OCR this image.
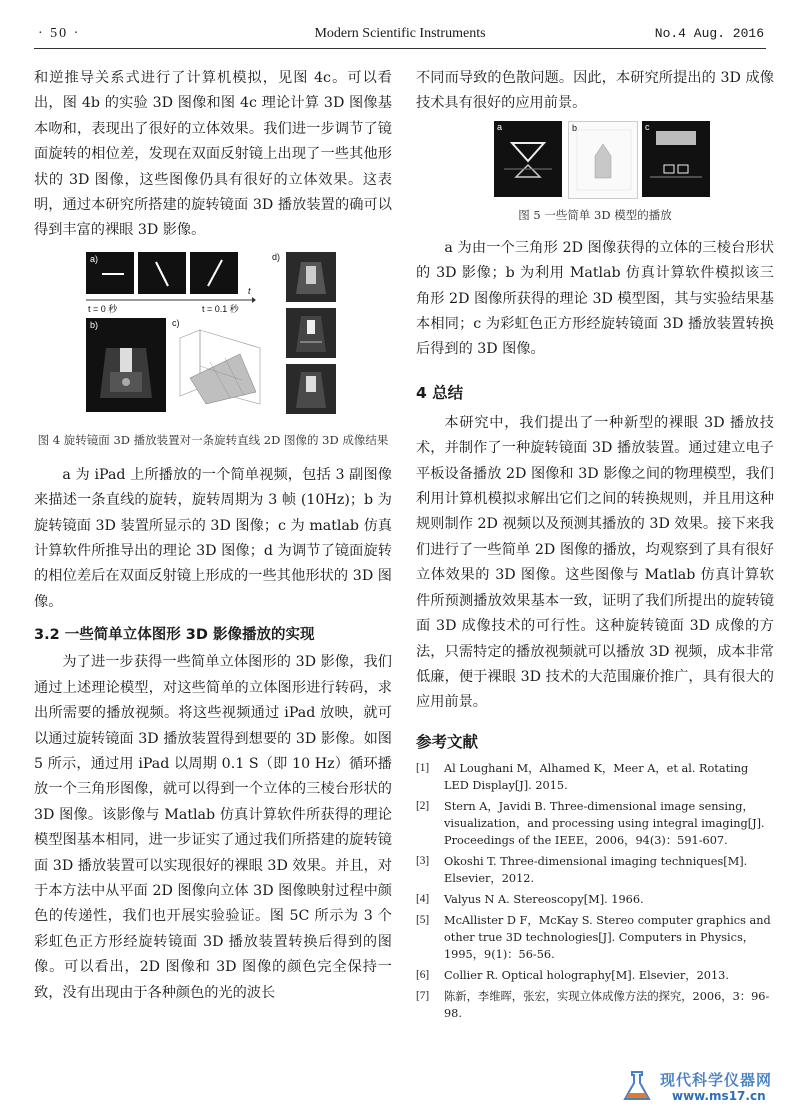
· 50 ·	Modern Scientific Instruments	No.4 Aug. 2016

和逆推导关系式进行了计算机模拟，见图 4c。可以看出，图 4b 的实验 3D 图像和图 4c 理论计算 3D 图像基本吻和，表现出了很好的立体效果。我们进一步调节了镜面旋转的相位差，发现在双面反射镜上出现了一些其他形状的 3D 图像，这些图像仍具有很好的立体效果。这表明，通过本研究所搭建的旋转镜面 3D 播放装置的确可以得到丰富的裸眼 3D 影像。

a)
t
t = 0 秒	t = 0.1 秒
b)	c)
d)
图 4 旋转镜面 3D 播放装置对一条旋转直线 2D 图像的 3D 成像结果

a 为 iPad 上所播放的一个简单视频，包括 3 副图像来描述一条直线的旋转，旋转周期为 3 帧 (10Hz)；b 为旋转镜面 3D 装置所显示的 3D 图像；c 为 matlab 仿真计算软件所推导出的理论 3D 图像；d 为调节了镜面旋转的相位差后在双面反射镜上形成的一些其他形状的 3D 图像。

3.2 一些简单立体图形 3D 影像播放的实现

为了进一步获得一些简单立体图形的 3D 影像，我们通过上述理论模型，对这些简单的立体图形进行转码，求出所需要的播放视频。将这些视频通过 iPad 放映，就可以通过旋转镜面 3D 播放装置得到想要的 3D 影像。如图 5 所示，通过用 iPad 以周期 0.1 S（即 10 Hz）循环播放一个三角形图像，就可以得到一个立体的三棱台形状的 3D 图像。该影像与 Matlab 仿真计算软件所获得的理论模型图基本相同，进一步证实了通过我们所搭建的旋转镜面 3D 播放装置可以实现很好的裸眼 3D 效果。并且，对于本方法中从平面 2D 图像向立体 3D 图像映射过程中颜色的传递性，我们也开展实验验证。图 5C 所示为 3 个彩虹色正方形经旋转镜面 3D 播放装置转换后得到的图像。可以看出，2D 图像和 3D 图像的颜色完全保持一致，没有出现由于各种颜色的光的波长

不同而导致的色散问题。因此，本研究所提出的 3D 成像技术具有很好的应用前景。

a	b	c
图 5 一些简单 3D 模型的播放

a 为由一个三角形 2D 图像获得的立体的三棱台形状的 3D 影像；b 为利用 Matlab 仿真计算软件模拟该三角形 2D 图像所获得的理论 3D 模型图，其与实验结果基本相同；c 为彩虹色正方形经旋转镜面 3D 播放装置转换后得到的 3D 图像。

4 总结

本研究中，我们提出了一种新型的裸眼 3D 播放技术，并制作了一种旋转镜面 3D 播放装置。通过建立电子平板设备播放 2D 图像和 3D 影像之间的物理模型，我们利用计算机模拟求解出它们之间的转换规则，并且用这种规则制作 2D 视频以及预测其播放的 3D 效果。接下来我们进行了一些简单 2D 图像的播放，均观察到了具有很好立体效果的 3D 图像。这些图像与 Matlab 仿真计算软件所预测播放效果基本一致，证明了我们所提出的旋转镜面 3D 成像技术的可行性。这种旋转镜面 3D 成像的方法，只需特定的播放视频就可以播放 3D 视频，成本非常低廉，便于裸眼 3D 技术的大范围廉价推广，具有很大的应用前景。

参考文献
[1] Al Loughani M，Alhamed K，Meer A，et al. Rotating LED Display[J]. 2015.
[2] Stern A，Javidi B. Three-dimensional image sensing，visualization，and processing using integral imaging[J]. Proceedings of the IEEE，2006，94(3)：591-607.
[3] Okoshi T. Three-dimensional imaging techniques[M]. Elsevier，2012.
[4] Valyus N A. Stereoscopy[M]. 1966.
[5] McAllister D F，McKay S. Stereo computer graphics and other true 3D technologies[J]. Computers in Physics，1995，9(1)：56-56.
[6] Collier R. Optical holography[M]. Elsevier，2013.
[7] 陈新，李维晖，张宏，实现立体成像方法的探究，2006，3：96-98.
现代科学仪器网
www.ms17.cn
